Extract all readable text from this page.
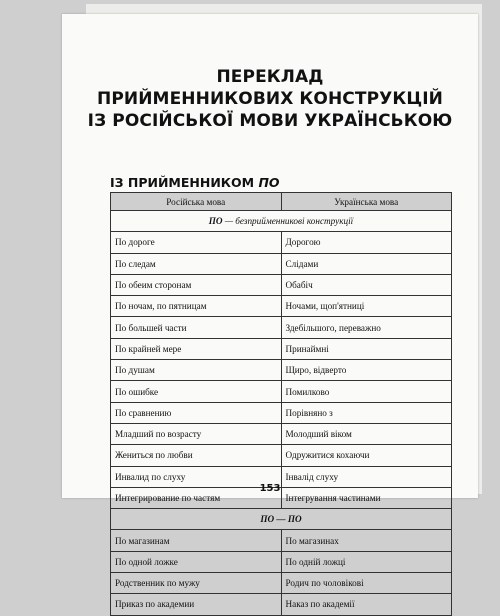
ПЕРЕКЛАД
ПРИЙМЕННИКОВИХ КОНСТРУКЦІЙ
ІЗ РОСІЙСЬКОЇ МОВИ УКРАЇНСЬКОЮ
ІЗ ПРИЙМЕННИКОМ ПО
Російська мова	Українська мова
ПО — безприйменникові конструкції	
По дороге	Дорогою
По следам	Слідами
По обеим сторонам	Обабіч
По ночам, по пятницам	Ночами, щоп'ятниці
По большей части	Здебільшого, переважно
По крайней мере	Принаймні
По душам	Щиро, відверто
По ошибке	Помилково
По сравнению	Порівняно з
Младший по возрасту	Молодший віком
Жениться по любви	Одружитися кохаючи
Инвалид по слуху	Інвалід слуху
Интегрирование по частям	Інтегрування частинами
ПО — ПО	
По магазинам	По магазинах
По одной ложке	По одній ложці
Родственник по мужу	Родич по чоловікові
Приказ по академии	Наказ по академії
153
